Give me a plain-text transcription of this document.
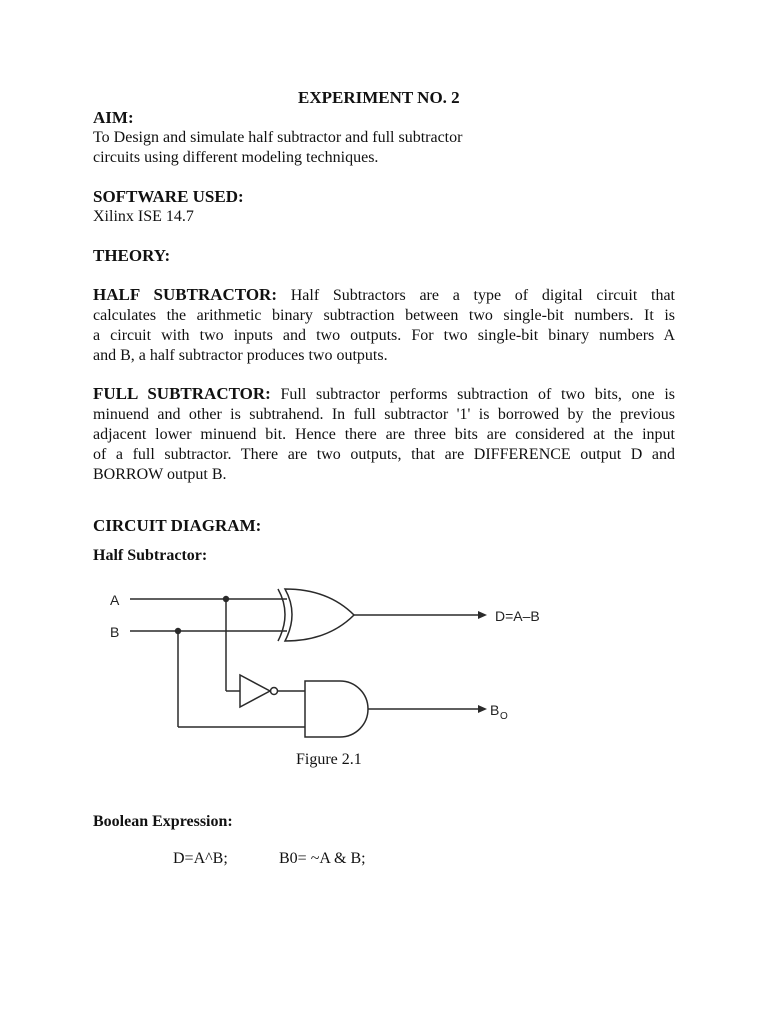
EXPERIMENT NO. 2
AIM:
To Design and simulate half subtractor and full subtractor
circuits using different modeling techniques.
SOFTWARE USED:
Xilinx ISE 14.7
THEORY:
HALF SUBTRACTOR: Half Subtractors are a type of digital circuit that
calculates the arithmetic binary subtraction between two single-bit numbers. It is
a circuit with two inputs and two outputs. For two single-bit binary numbers A
and B, a half subtractor produces two outputs.
FULL SUBTRACTOR: Full subtractor performs subtraction of two bits, one is
minuend and other is subtrahend. In full subtractor '1' is borrowed by the previous
adjacent lower minuend bit. Hence there are three bits are considered at the input
of a full subtractor. There are two outputs, that are DIFFERENCE output D and
BORROW output B.
CIRCUIT DIAGRAM:
Half Subtractor:
A
B
D=A–B
B O
Figure 2.1
Boolean Expression:
D=A^B;	B0= ~A & B;
